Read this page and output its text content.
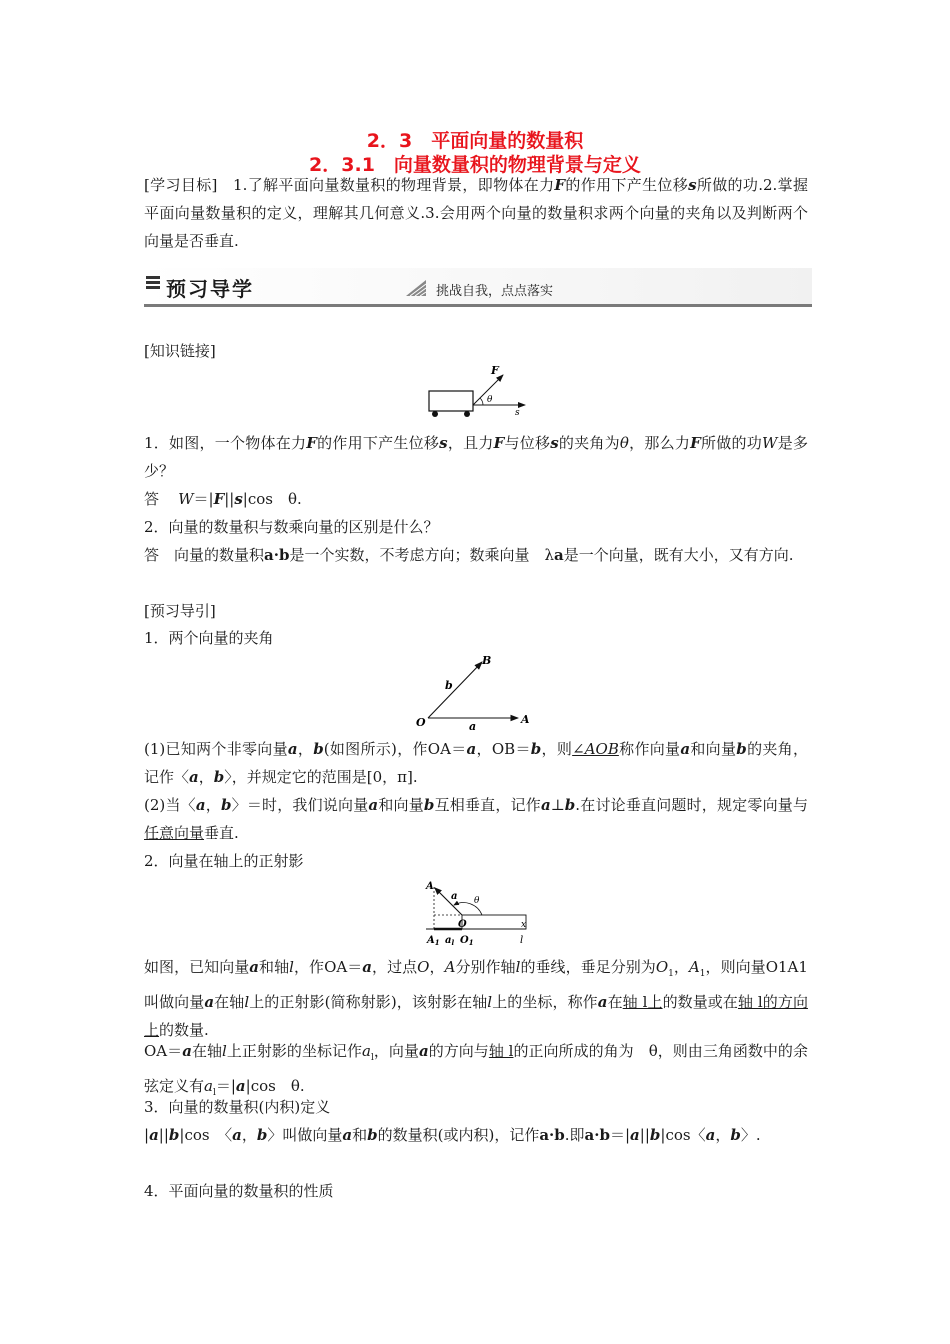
2．3　平面向量的数量积
2．3.1　向量数量积的物理背景与定义
[学习目标]　1.了解平面向量数量积的物理背景，即物体在力F的作用下产生位移s所做的功.2.掌握平面向量数量积的定义，理解其几何意义.3.会用两个向量的数量积求两个向量的夹角以及判断两个向量是否垂直.
预习导学	挑战自我，点点落实
[知识链接]
F
θ
s
1．如图，一个物体在力F的作用下产生位移s，且力F与位移s的夹角为θ，那么力F所做的功W是多少？
答 W＝|F||s|cos　θ.
2．向量的数量积与数乘向量的区别是什么？
答　向量的数量积a·b是一个实数，不考虑方向；数乘向量　λa是一个向量，既有大小，又有方向.
[预习导引]
1．两个向量的夹角
B
b
O	a
A
(1)已知两个非零向量a，b(如图所示)，作OA＝a，OB＝b，则∠AOB称作向量a和向量b的夹角，记作〈a，b〉，并规定它的范围是[0，π].
(2)当〈a，b〉＝时，我们说向量a和向量b互相垂直，记作a⊥b.在讨论垂直问题时，规定零向量与任意向量垂直.
2．向量在轴上的正射影
A
a θ
O	x
$A_1$ $a_l$ $O_1$	l
如图，已知向量a和轴l，作OA＝a，过点O，A分别作轴l的垂线，垂足分别为$O_1$，$A_1$，则向量O1A1叫做向量a在轴l上的正射影(简称射影)，该射影在轴l上的坐标，称作a在轴 l上的数量或在轴 l的方向上的数量.
OA＝a在轴l上正射影的坐标记作$a_l$，向量a的方向与轴 l的正向所成的角为　θ，则由三角函数中的余弦定义有$a_l=|a|\cos$　θ.
3．向量的数量积(内积)定义
|a||b|cos　〈a，b〉叫做向量a和b的数量积(或内积)，记作a·b.即a·b＝|a||b|cos〈a，b〉.
4．平面向量的数量积的性质
